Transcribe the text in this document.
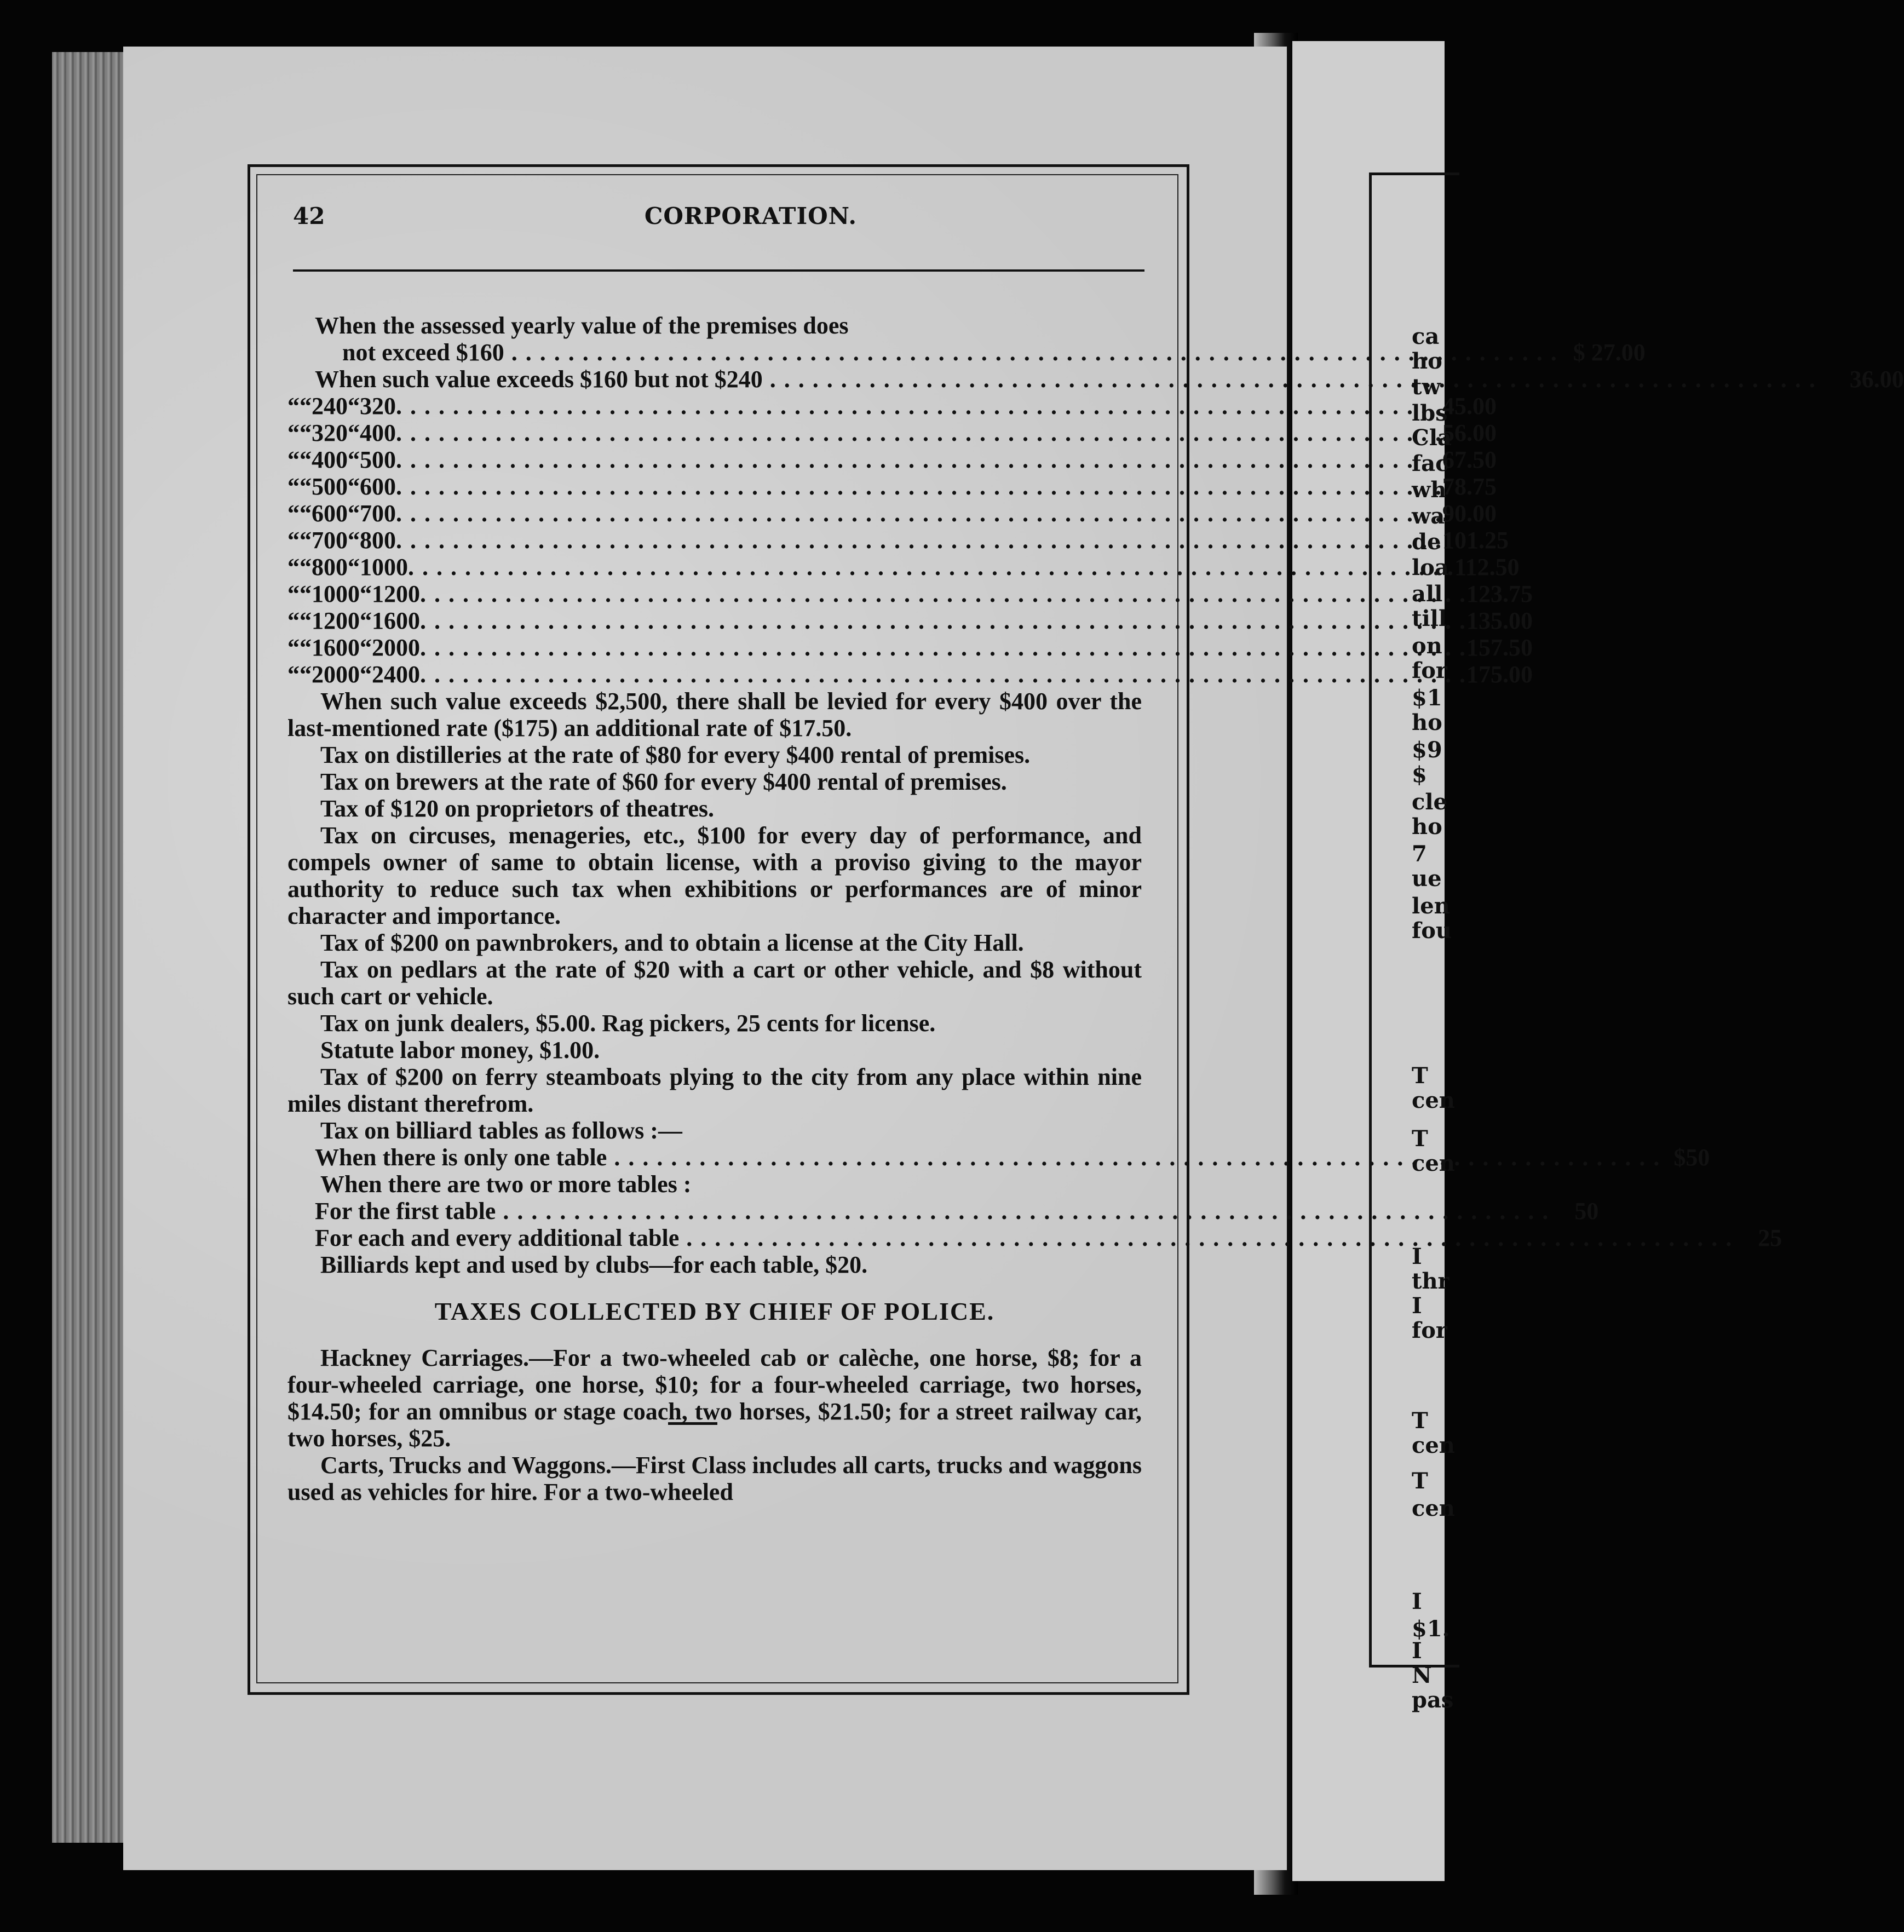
ca
ho
tw
lbs
Cla
fac
wh
wa
de
loa
all
till
on
for
$1
ho
$9
$
cle
ho
7
ue
len
fou
T
cen
T
cen
I
thr
I
for
T
cen
T
cen
I
$1.
I
N
pas
42	CORPORATION.
When the assessed yearly value of the premises does
not exceed $160 . . .	$ 27.00
When such value exceeds $160 but not $240 . . .	36.00
“ “ 240 “ 320 . . .	45.00
“ “ 320 “ 400 . . .	56.00
“ “ 400 “ 500 . . .	67.50
“ “ 500 “ 600 . . .	78.75
“ “ 600 “ 700 . . .	90.00
“ “ 700 “ 800 . . .	101.25
“ “ 800 “ 1000 . . .	112.50
“ “ 1000 “ 1200 . . .	123.75
“ “ 1200 “ 1600 . . .	135.00
“ “ 1600 “ 2000 . . .	157.50
“ “ 2000 “ 2400 . . .	175.00
When such value exceeds $2,500, there shall be levied for every $400 over the last-mentioned rate ($175) an additional rate of $17.50.
Tax on distilleries at the rate of $80 for every $400 rental of premises.
Tax on brewers at the rate of $60 for every $400 rental of premises.
Tax of $120 on proprietors of theatres.
Tax on circuses, menageries, etc., $100 for every day of performance, and compels owner of same to obtain license, with a proviso giving to the mayor authority to reduce such tax when exhibitions or performances are of minor character and importance.
Tax of $200 on pawnbrokers, and to obtain a license at the City Hall.
Tax on pedlars at the rate of $20 with a cart or other vehicle, and $8 without such cart or vehicle.
Tax on junk dealers, $5.00. Rag pickers, 25 cents for license.
Statute labor money, $1.00.
Tax of $200 on ferry steamboats plying to the city from any place within nine miles distant therefrom.
Tax on billiard tables as follows :—
When there is only one table . . .	$50
When there are two or more tables :
For the first table . . .	50
For each and every additional table . . .	25
Billiards kept and used by clubs—for each table, $20.
TAXES COLLECTED BY CHIEF OF POLICE.
Hackney Carriages.—For a two-wheeled cab or calèche, one horse, $8; for a four-wheeled carriage, one horse, $10; for a four-wheeled carriage, two horses, $14.50; for an omnibus or stage coach, two horses, $21.50; for a street railway car, two horses, $25.
Carts, Trucks and Waggons.—First Class includes all carts, trucks and waggons used as vehicles for hire. For a two-wheeled
